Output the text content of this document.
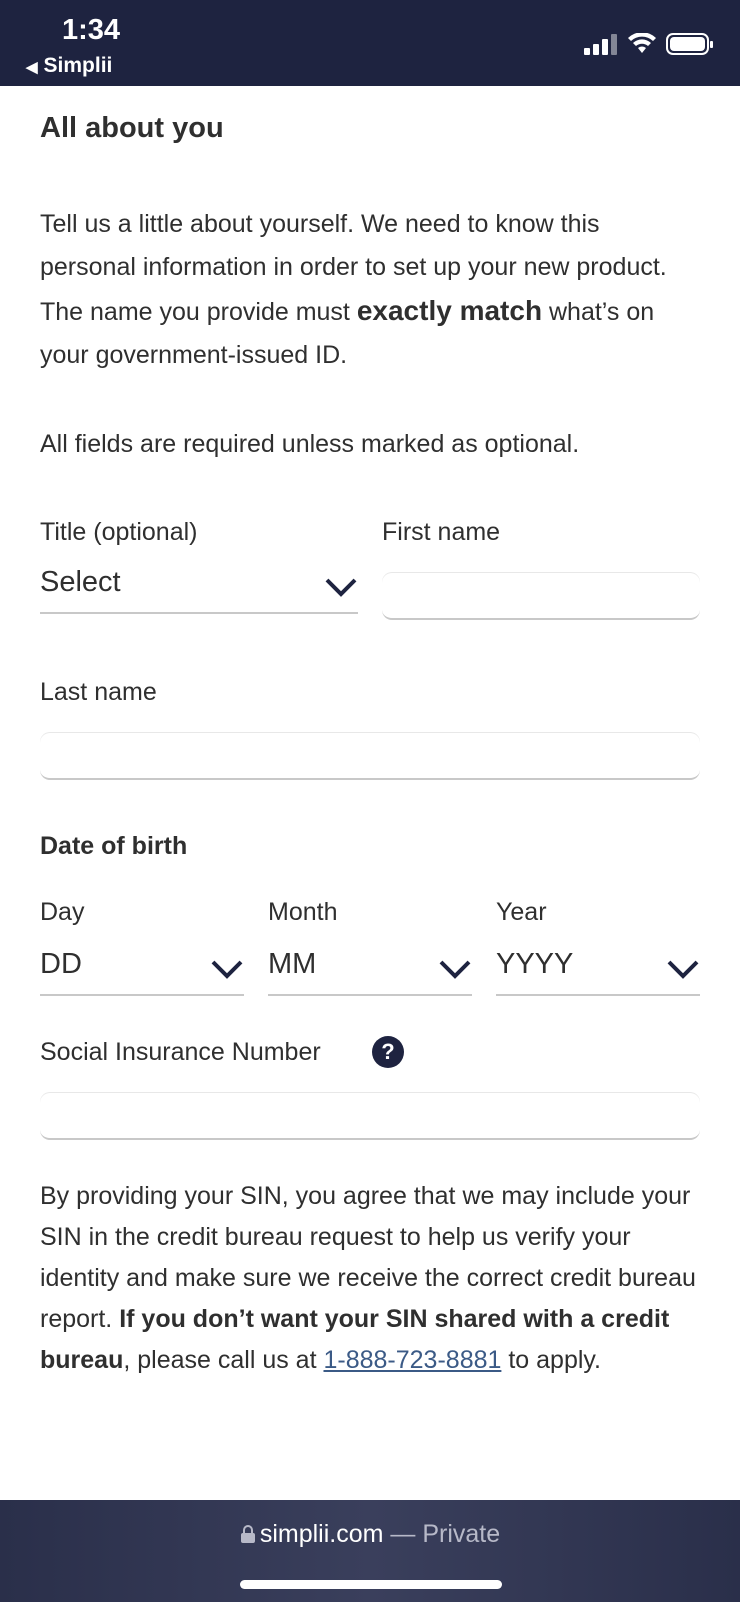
1:34
◀ Simplii
All about you
Tell us a little about yourself. We need to know this personal information in order to set up your new product. The name you provide must exactly match what’s on your government-issued ID.
All fields are required unless marked as optional.
Title (optional)
Select
First name
Last name
Date of birth
Day
DD
Month
MM
Year
YYYY
Social Insurance Number	?
By providing your SIN, you agree that we may include your SIN in the credit bureau request to help us verify your identity and make sure we receive the correct credit bureau report. If you don’t want your SIN shared with a credit bureau, please call us at 1-888-723-8881 to apply.
simplii.com — Private
